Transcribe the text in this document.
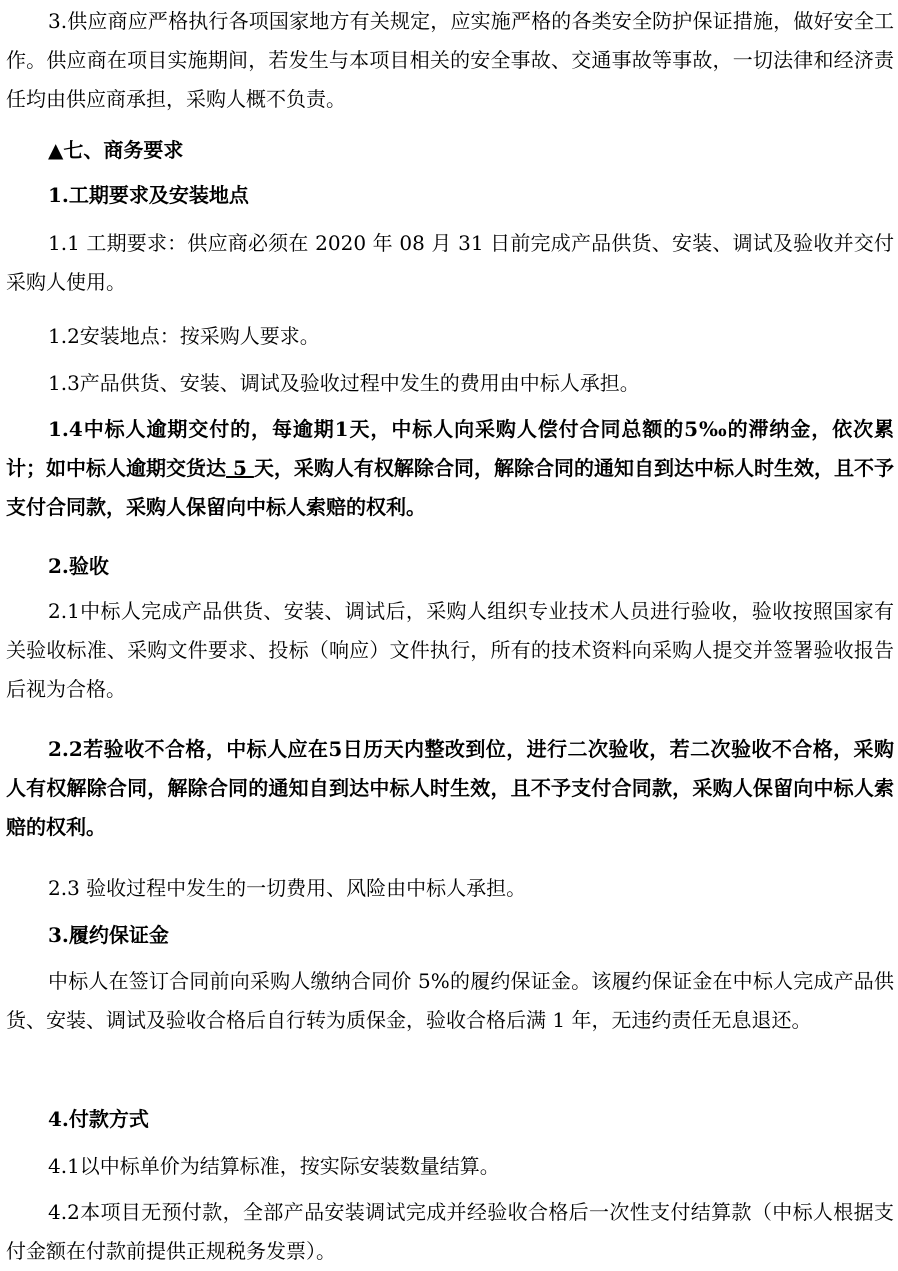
3.供应商应严格执行各项国家地方有关规定，应实施严格的各类安全防护保证措施，做好安全工作。供应商在项目实施期间，若发生与本项目相关的安全事故、交通事故等事故，一切法律和经济责任均由供应商承担，采购人概不负责。

▲七、商务要求

1.工期要求及安装地点

1.1 工期要求：供应商必须在 2020 年 08 月 31 日前完成产品供货、安装、调试及验收并交付采购人使用。

1.2安装地点：按采购人要求。

1.3产品供货、安装、调试及验收过程中发生的费用由中标人承担。

1.4中标人逾期交付的，每逾期1天，中标人向采购人偿付合同总额的5‰的滞纳金，依次累计；如中标人逾期交货达 5 天，采购人有权解除合同，解除合同的通知自到达中标人时生效，且不予支付合同款，采购人保留向中标人索赔的权利。

2.验收

2.1中标人完成产品供货、安装、调试后，采购人组织专业技术人员进行验收，验收按照国家有关验收标准、采购文件要求、投标（响应）文件执行，所有的技术资料向采购人提交并签署验收报告后视为合格。

2.2若验收不合格，中标人应在5日历天内整改到位，进行二次验收，若二次验收不合格，采购人有权解除合同，解除合同的通知自到达中标人时生效，且不予支付合同款，采购人保留向中标人索赔的权利。

2.3 验收过程中发生的一切费用、风险由中标人承担。

3.履约保证金

中标人在签订合同前向采购人缴纳合同价 5%的履约保证金。该履约保证金在中标人完成产品供货、安装、调试及验收合格后自行转为质保金，验收合格后满 1 年，无违约责任无息退还。

4.付款方式

4.1以中标单价为结算标准，按实际安装数量结算。

4.2本项目无预付款，全部产品安装调试完成并经验收合格后一次性支付结算款（中标人根据支付金额在付款前提供正规税务发票）。
